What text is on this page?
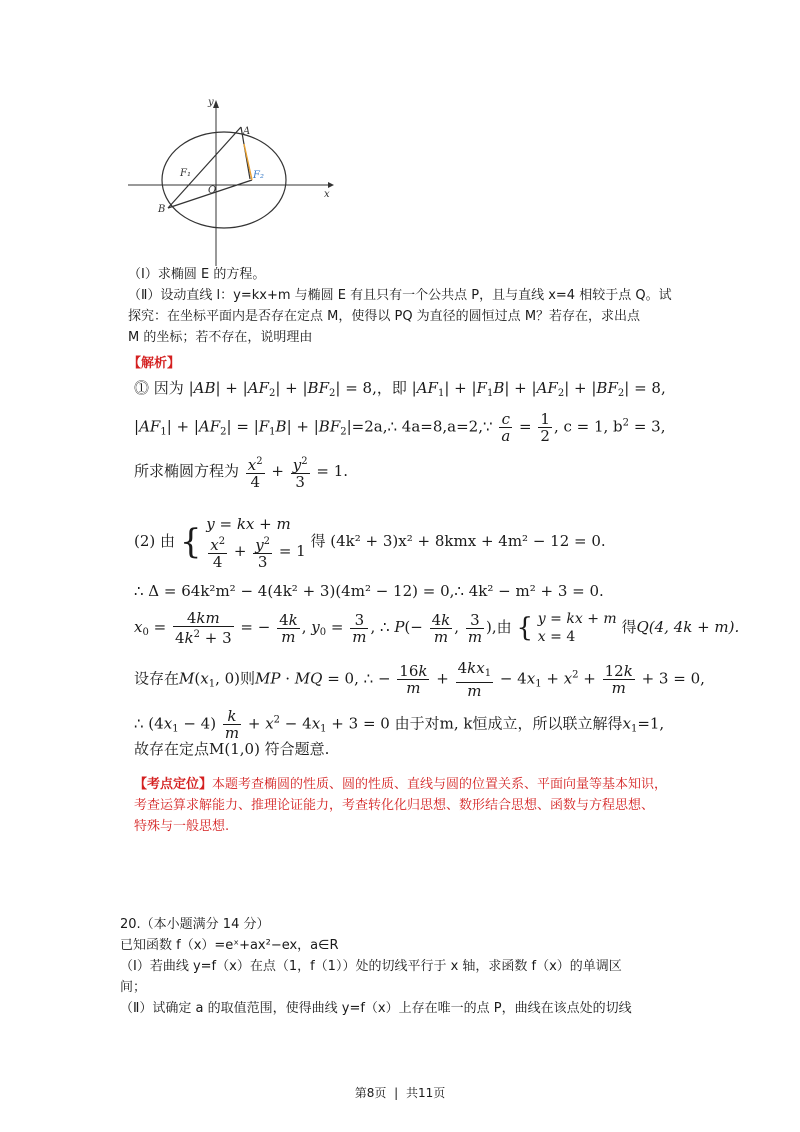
y
x
A
B
F₁
O
F₂
（Ⅰ）求椭圆 E 的方程。
（Ⅱ）设动直线 l：y=kx+m 与椭圆 E 有且只有一个公共点 P，且与直线 x=4 相较于点 Q。试
探究：在坐标平面内是否存在定点 M，使得以 PQ 为直径的圆恒过点 M？若存在，求出点
M 的坐标；若不存在，说明理由
【解析】
⓵ 因为 $|AB| + |AF_2| + |BF_2| = 8$,，即 $|AF_1| + |F_1B| + |AF_2| + |BF_2| = 8$,
$|AF_1| + |AF_2| = |F_1B|$ + $|BF_2|=2a,\therefore$ 4a=8,a=2,∵ $\frac{c}{a} = \frac{1}{2}$ , c = 1, $b^2 = 3$,
所求椭圆方程为 $\frac{x^2}{4} + \frac{y^2}{3} = 1$.
(2) 由 { y = kx + m
$\frac{x^2}{4} + \frac{y^2}{3} = 1$
得 (4k² + 3)x² + 8kmx + 4m² − 12 = 0.
∴ Δ = 64k²m² − 4(4k² + 3)(4m² − 12) = 0,∴ 4k² − m² + 3 = 0.
$x_0 = \frac{4km}{4k^2 + 3}$ = − $\frac{4k}{m}$ , $y_0 = \frac{3}{m}$ , ∴ $P(- \frac{4k}{m}$ , $\frac{3}{m}$ ),由 { y = kx + m
x = 4
得Q(4, 4k + m).
设存在$M(x_1$, 0)则MP · MQ = 0, ∴ − $\frac{16k}{m} + \frac{4kx_1}{m} - 4x_1 + x^2 + \frac{12k}{m} + 3 = 0$,
∴ $(4x_1 - 4) \frac{k}{m} + x^2 - 4x_1 + 3 = 0$ 由于对m, k恒成立，所以联立解得$x_1=1$,
故存在定点M(1,0) 符合题意.
【考点定位】本题考查椭圆的性质、圆的性质、直线与圆的位置关系、平面向量等基本知识，
考查运算求解能力、推理论证能力，考查转化化归思想、数形结合思想、函数与方程思想、
特殊与一般思想.
20.（本小题满分 14 分）
已知函数 f（x）=eˣ+ax²−ex，a∈R
（Ⅰ）若曲线 y=f（x）在点（1，f（1））处的切线平行于 x 轴，求函数 f（x）的单调区
间；
（Ⅱ）试确定 a 的取值范围，使得曲线 y=f（x）上存在唯一的点 P，曲线在该点处的切线
第8页 | 共11页
